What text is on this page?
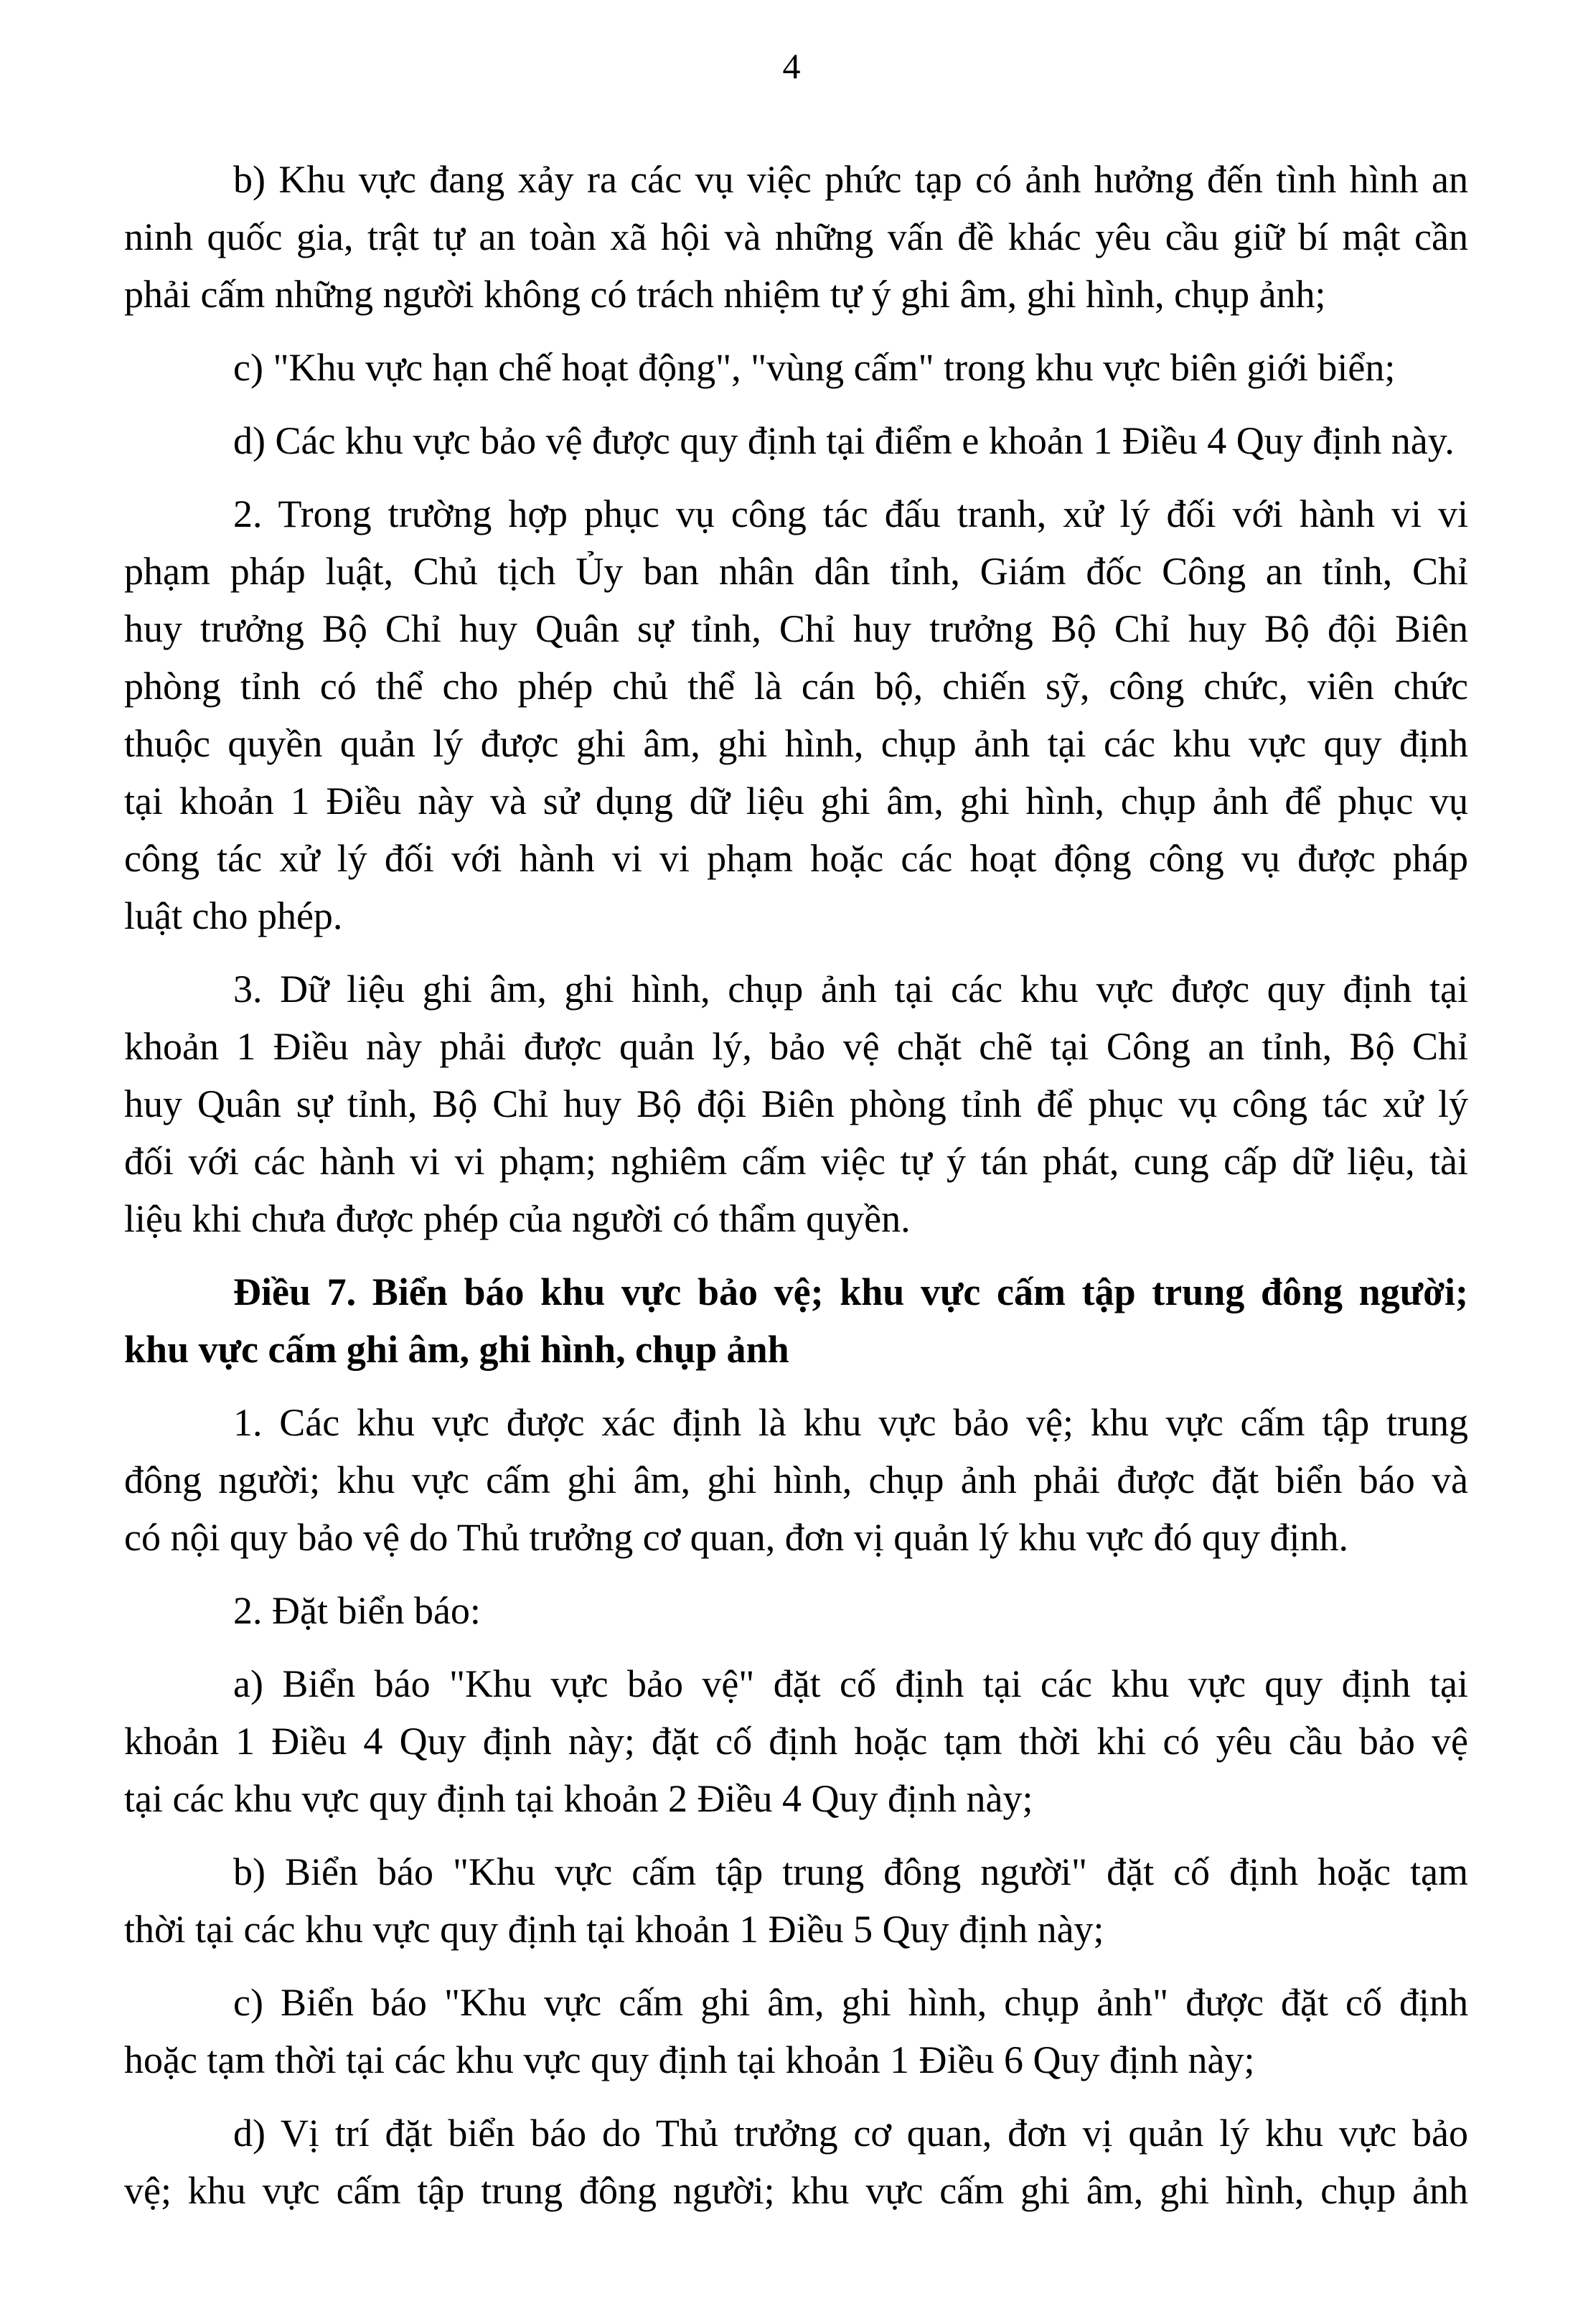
4
b) Khu vực đang xảy ra các vụ việc phức tạp có ảnh hưởng đến tình hình an
ninh quốc gia, trật tự an toàn xã hội và những vấn đề khác yêu cầu giữ bí mật cần
phải cấm những người không có trách nhiệm tự ý ghi âm, ghi hình, chụp ảnh;
c) "Khu vực hạn chế hoạt động", "vùng cấm" trong khu vực biên giới biển;
d) Các khu vực bảo vệ được quy định tại điểm e khoản 1 Điều 4 Quy định này.
2. Trong trường hợp phục vụ công tác đấu tranh, xử lý đối với hành vi vi
phạm pháp luật, Chủ tịch Ủy ban nhân dân tỉnh, Giám đốc Công an tỉnh, Chỉ
huy trưởng Bộ Chỉ huy Quân sự tỉnh, Chỉ huy trưởng Bộ Chỉ huy Bộ đội Biên
phòng tỉnh có thể cho phép chủ thể là cán bộ, chiến sỹ, công chức, viên chức
thuộc quyền quản lý được ghi âm, ghi hình, chụp ảnh tại các khu vực quy định
tại khoản 1 Điều này và sử dụng dữ liệu ghi âm, ghi hình, chụp ảnh để phục vụ
công tác xử lý đối với hành vi vi phạm hoặc các hoạt động công vụ được pháp
luật cho phép.
3. Dữ liệu ghi âm, ghi hình, chụp ảnh tại các khu vực được quy định tại
khoản 1 Điều này phải được quản lý, bảo vệ chặt chẽ tại Công an tỉnh, Bộ Chỉ
huy Quân sự tỉnh, Bộ Chỉ huy Bộ đội Biên phòng tỉnh để phục vụ công tác xử lý
đối với các hành vi vi phạm; nghiêm cấm việc tự ý tán phát, cung cấp dữ liệu, tài
liệu khi chưa được phép của người có thẩm quyền.
Điều 7. Biển báo khu vực bảo vệ; khu vực cấm tập trung đông người;
khu vực cấm ghi âm, ghi hình, chụp ảnh
1. Các khu vực được xác định là khu vực bảo vệ; khu vực cấm tập trung
đông người; khu vực cấm ghi âm, ghi hình, chụp ảnh phải được đặt biển báo và
có nội quy bảo vệ do Thủ trưởng cơ quan, đơn vị quản lý khu vực đó quy định.
2. Đặt biển báo:
a) Biển báo "Khu vực bảo vệ" đặt cố định tại các khu vực quy định tại
khoản 1 Điều 4 Quy định này; đặt cố định hoặc tạm thời khi có yêu cầu bảo vệ
tại các khu vực quy định tại khoản 2 Điều 4 Quy định này;
b) Biển báo "Khu vực cấm tập trung đông người" đặt cố định hoặc tạm
thời tại các khu vực quy định tại khoản 1 Điều 5 Quy định này;
c) Biển báo "Khu vực cấm ghi âm, ghi hình, chụp ảnh" được đặt cố định
hoặc tạm thời tại các khu vực quy định tại khoản 1 Điều 6 Quy định này;
d) Vị trí đặt biển báo do Thủ trưởng cơ quan, đơn vị quản lý khu vực bảo
vệ; khu vực cấm tập trung đông người; khu vực cấm ghi âm, ghi hình, chụp ảnh
